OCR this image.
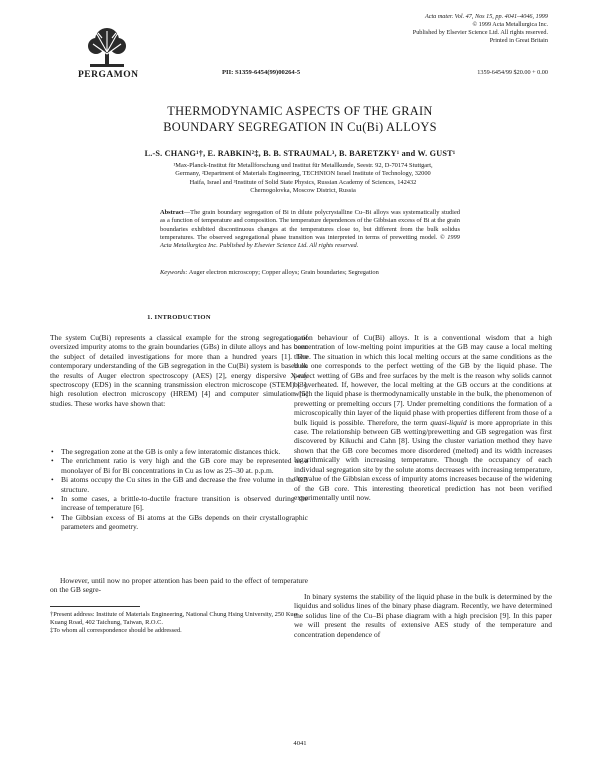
PERGAMON
Acta mater. Vol. 47, Nos 15, pp. 4041–4046, 1999
© 1999 Acta Metallurgica Inc.
Published by Elsevier Science Ltd. All rights reserved.
Printed in Great Britain
PII: S1359-6454(99)00264-5	1359-6454/99 $20.00 + 0.00
THERMODYNAMIC ASPECTS OF THE GRAIN
BOUNDARY SEGREGATION IN Cu(Bi) ALLOYS
L.-S. CHANG¹†, E. RABKIN²‡, B. B. STRAUMAL³, B. BARETZKY¹ and W. GUST¹
¹Max-Planck-Institut für Metallforschung und Institut für Metallkunde, Seestr. 92, D-70174 Stuttgart,
Germany, ²Department of Materials Engineering, TECHNION Israel Institute of Technology, 32000
Haifa, Israel and ³Institute of Solid State Physics, Russian Academy of Sciences, 142432
Chernogolovka, Moscow District, Russia
Abstract—The grain boundary segregation of Bi in dilute polycrystalline Cu–Bi alloys was systematically studied as a function of temperature and composition. The temperature dependences of the Gibbsian excess of Bi at the grain boundaries exhibited discontinuous changes at the temperatures close to, but different from the bulk solidus temperatures. The observed segregational phase transition was interpreted in terms of prewetting model. © 1999 Acta Metallurgica Inc. Published by Elsevier Science Ltd. All rights reserved.
Keywords: Auger electron microscopy; Copper alloys; Grain boundaries; Segregation
1. INTRODUCTION
The system Cu(Bi) represents a classical example for the strong segregation of oversized impurity atoms to the grain boundaries (GBs) in dilute alloys and has been the subject of detailed investigations for more than a hundred years [1]. The contemporary understanding of the GB segregation in the Cu(Bi) system is based on the results of Auger electron spectroscopy (AES) [2], energy dispersive X-ray spectroscopy (EDS) in the scanning transmission electron microscope (STEM) [3], high resolution electron microscopy (HREM) [4] and computer simulation [5] studies. These works have shown that:
• The segregation zone at the GB is only a few interatomic distances thick.
• The enrichment ratio is very high and the GB core may be represented as a monolayer of Bi for Bi concentrations in Cu as low as 25–30 at. p.p.m.
• Bi atoms occupy the Cu sites in the GB and decrease the free volume in the GB structure.
• In some cases, a brittle-to-ductile fracture transition is observed during the increase of temperature [6].
• The Gibbsian excess of Bi atoms at the GBs depends on their crystallographic parameters and geometry.
However, until now no proper attention has been paid to the effect of temperature on the GB segre-
†Present address: Institute of Materials Engineering, National Chung Hsing University, 250 Kuo Kuang Road, 402 Taichung, Taiwan, R.O.C.
‡To whom all correspondence should be addressed.
gation behaviour of Cu(Bi) alloys. It is a conventional wisdom that a high concentration of low-melting point impurities at the GB may cause a local melting there. The situation in which this local melting occurs at the same conditions as the bulk one corresponds to the perfect wetting of the GB by the liquid phase. The perfect wetting of GBs and free surfaces by the melt is the reason why solids cannot be overheated. If, however, the local melting at the GB occurs at the conditions at which the liquid phase is thermodynamically unstable in the bulk, the phenomenon of prewetting or premelting occurs [7]. Under premelting conditions the formation of a microscopically thin layer of the liquid phase with properties different from those of a bulk liquid is possible. Therefore, the term quasi-liquid is more appropriate in this case. The relationship between GB wetting/prewetting and GB segregation was first discovered by Kikuchi and Cahn [8]. Using the cluster variation method they have shown that the GB core becomes more disordered (melted) and its width increases logarithmically with increasing temperature. Though the occupancy of each individual segregation site by the solute atoms decreases with increasing temperature, the value of the Gibbsian excess of impurity atoms increases because of the widening of the GB core. This interesting theoretical prediction has not been verified experimentally until now.
In binary systems the stability of the liquid phase in the bulk is determined by the liquidus and solidus lines of the binary phase diagram. Recently, we have determined the solidus line of the Cu–Bi phase diagram with a high precision [9]. In this paper we will present the results of extensive AES study of the temperature and concentration dependence of
4041
